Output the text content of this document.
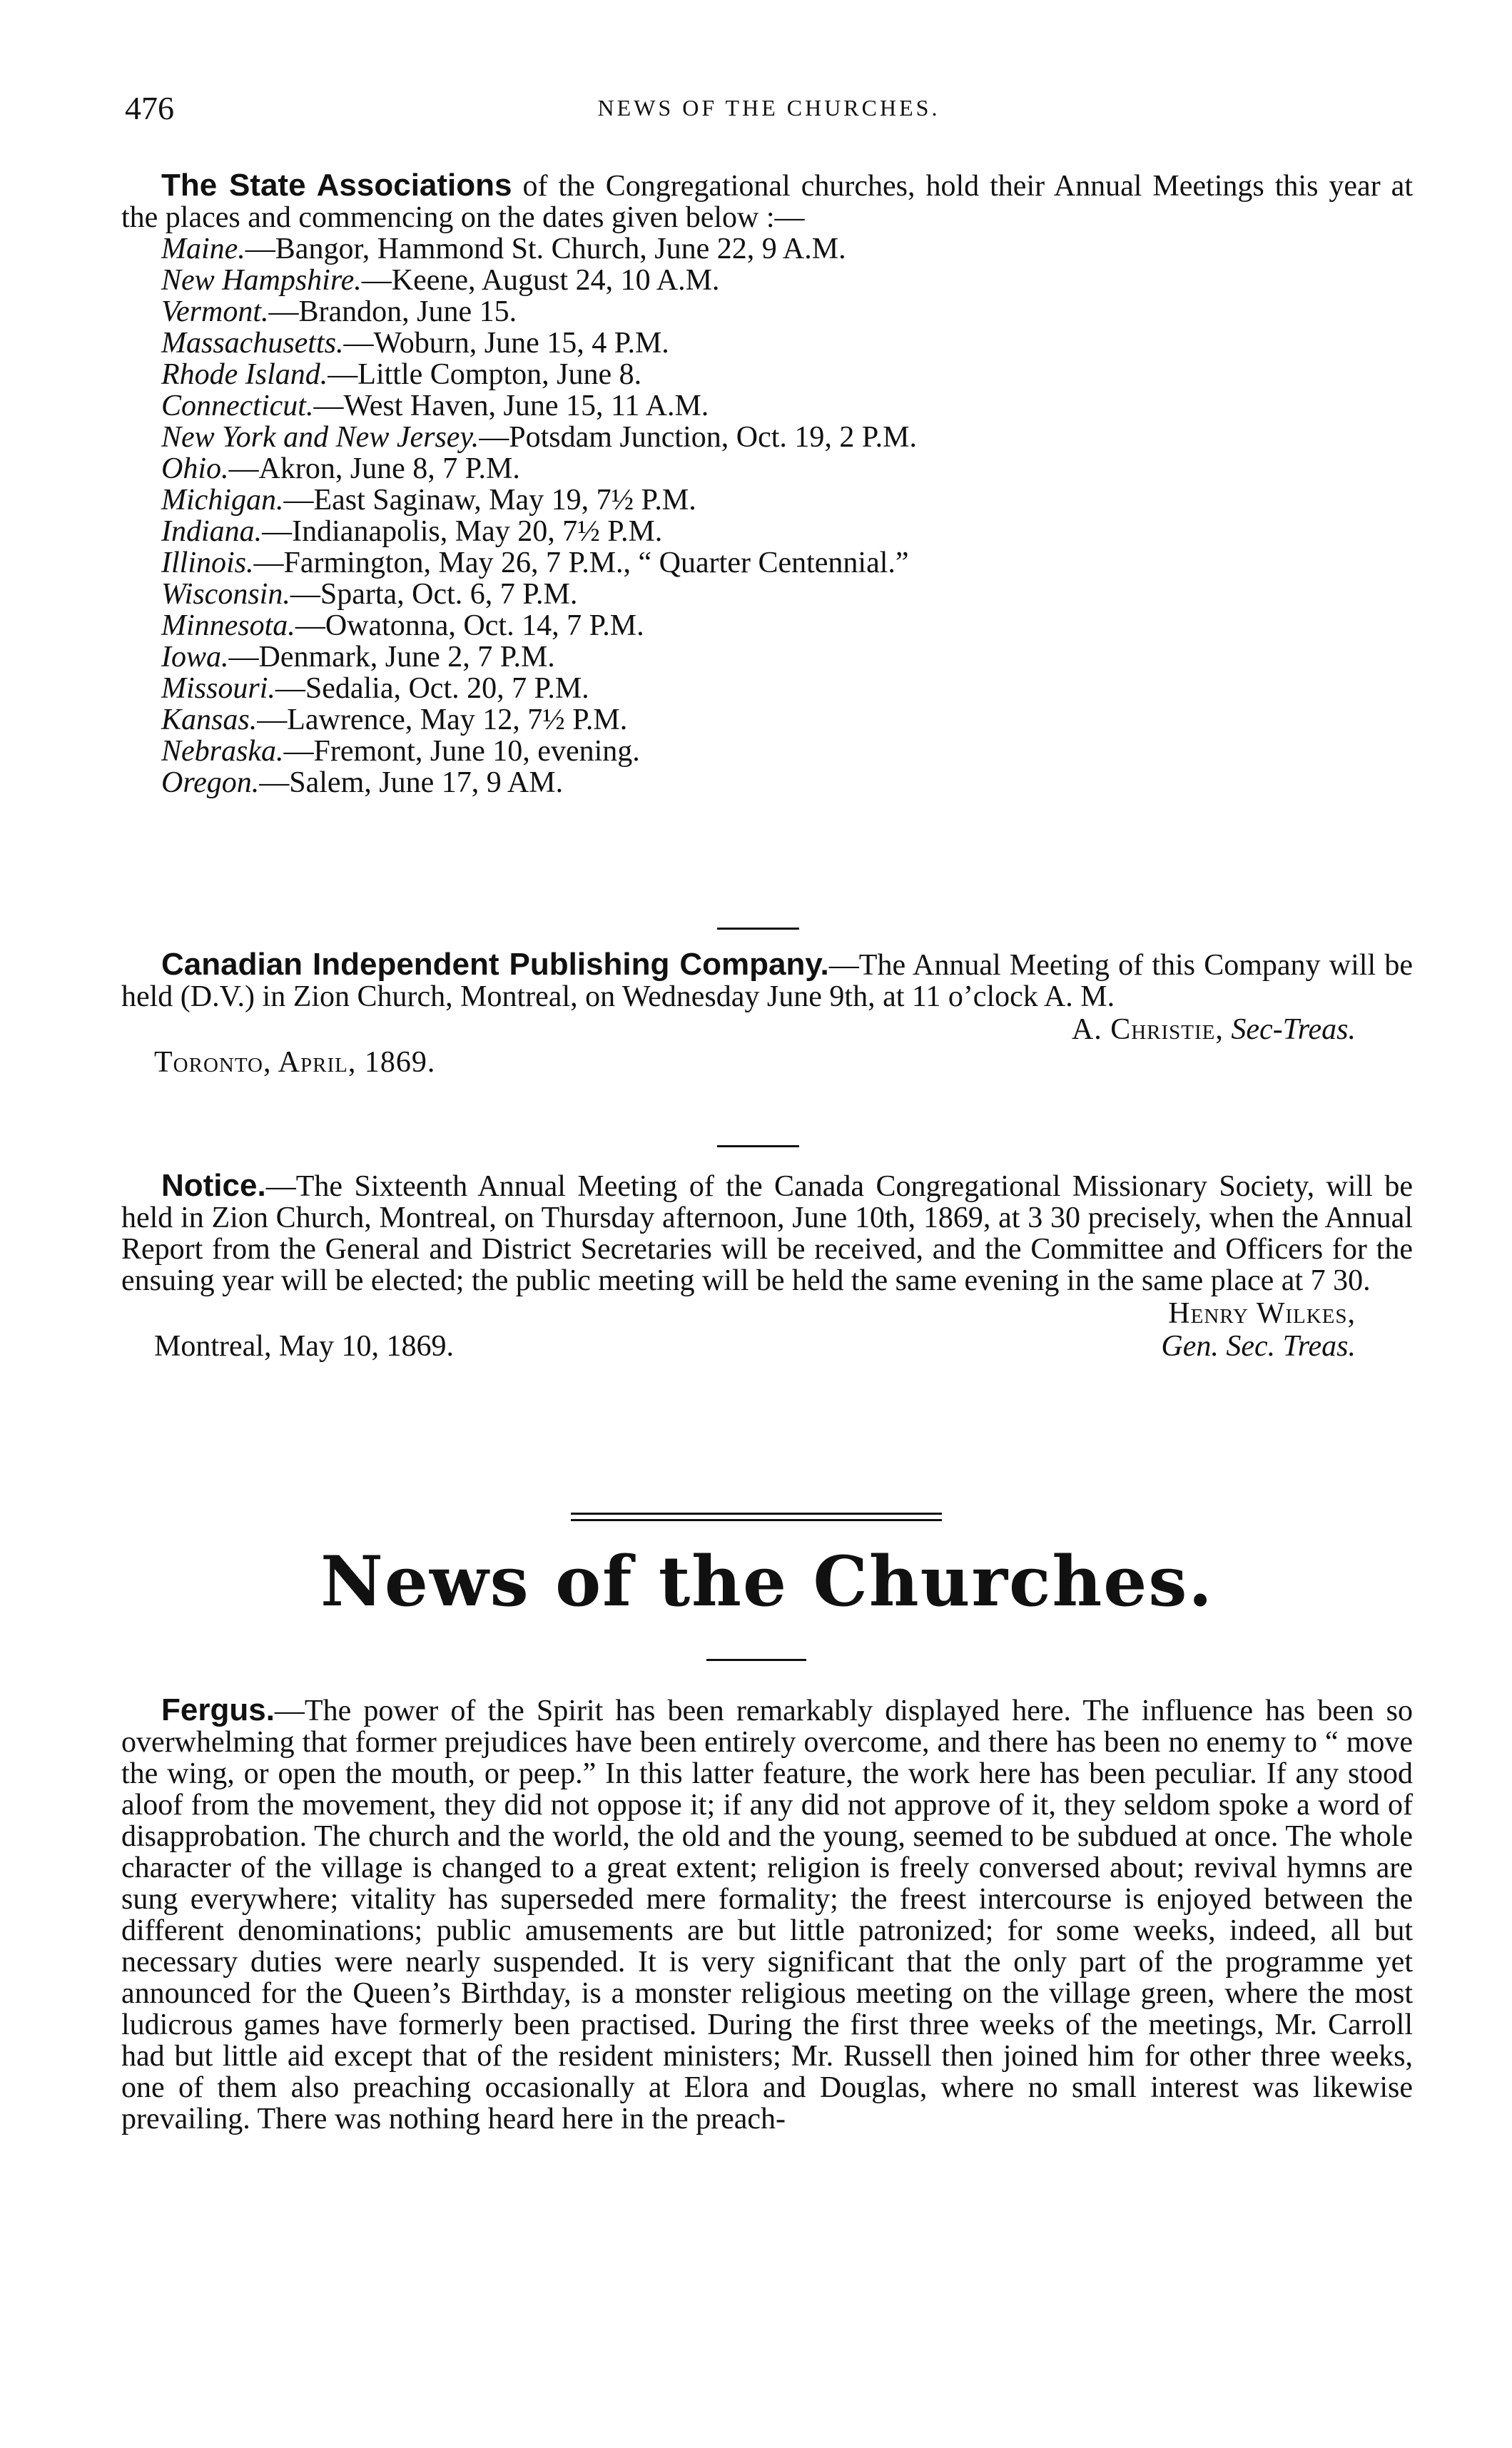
476	NEWS OF THE CHURCHES.

The State Associations of the Congregational churches, hold their Annual Meetings this year at the places and commencing on the dates given below :—

Maine.—Bangor, Hammond St. Church, June 22, 9 A.M.
New Hampshire.—Keene, August 24, 10 A.M.
Vermont.—Brandon, June 15.
Massachusetts.—Woburn, June 15, 4 P.M.
Rhode Island.—Little Compton, June 8.
Connecticut.—West Haven, June 15, 11 A.M.
New York and New Jersey.—Potsdam Junction, Oct. 19, 2 P.M.
Ohio.—Akron, June 8, 7 P.M.
Michigan.—East Saginaw, May 19, 7½ P.M.
Indiana.—Indianapolis, May 20, 7½ P.M.
Illinois.—Farmington, May 26, 7 P.M., “ Quarter Centennial.”
Wisconsin.—Sparta, Oct. 6, 7 P.M.
Minnesota.—Owatonna, Oct. 14, 7 P.M.
Iowa.—Denmark, June 2, 7 P.M.
Missouri.—Sedalia, Oct. 20, 7 P.M.
Kansas.—Lawrence, May 12, 7½ P.M.
Nebraska.—Fremont, June 10, evening.
Oregon.—Salem, June 17, 9 AM.

Canadian Independent Publishing Company.—The Annual Meeting of this Company will be held (D.V.) in Zion Church, Montreal, on Wednesday June 9th, at 11 o’clock A. M.

A. Christie, Sec-Treas.
Toronto, April, 1869.

Notice.—The Sixteenth Annual Meeting of the Canada Congregational Missionary Society, will be held in Zion Church, Montreal, on Thursday afternoon, June 10th, 1869, at 3 30 precisely, when the Annual Report from the General and District Secretaries will be received, and the Committee and Officers for the ensuing year will be elected; the public meeting will be held the same evening in the same place at 7 30.

Henry Wilkes,
Montreal, May 10, 1869.	Gen. Sec. Treas.
News of the Churches.

Fergus.—The power of the Spirit has been remarkably displayed here. The influence has been so overwhelming that former prejudices have been entirely overcome, and there has been no enemy to “ move the wing, or open the mouth, or peep.” In this latter feature, the work here has been peculiar. If any stood aloof from the movement, they did not oppose it; if any did not approve of it, they seldom spoke a word of disapprobation. The church and the world, the old and the young, seemed to be subdued at once. The whole character of the village is changed to a great extent; religion is freely conversed about; revival hymns are sung everywhere; vitality has superseded mere formality; the freest intercourse is enjoyed between the different denominations; public amusements are but little patronized; for some weeks, indeed, all but necessary duties were nearly suspended. It is very significant that the only part of the programme yet announced for the Queen’s Birthday, is a monster religious meeting on the village green, where the most ludicrous games have formerly been practised. During the first three weeks of the meetings, Mr. Carroll had but little aid except that of the resident ministers; Mr. Russell then joined him for other three weeks, one of them also preaching occasionally at Elora and Douglas, where no small interest was likewise prevailing. There was nothing heard here in the preach-
